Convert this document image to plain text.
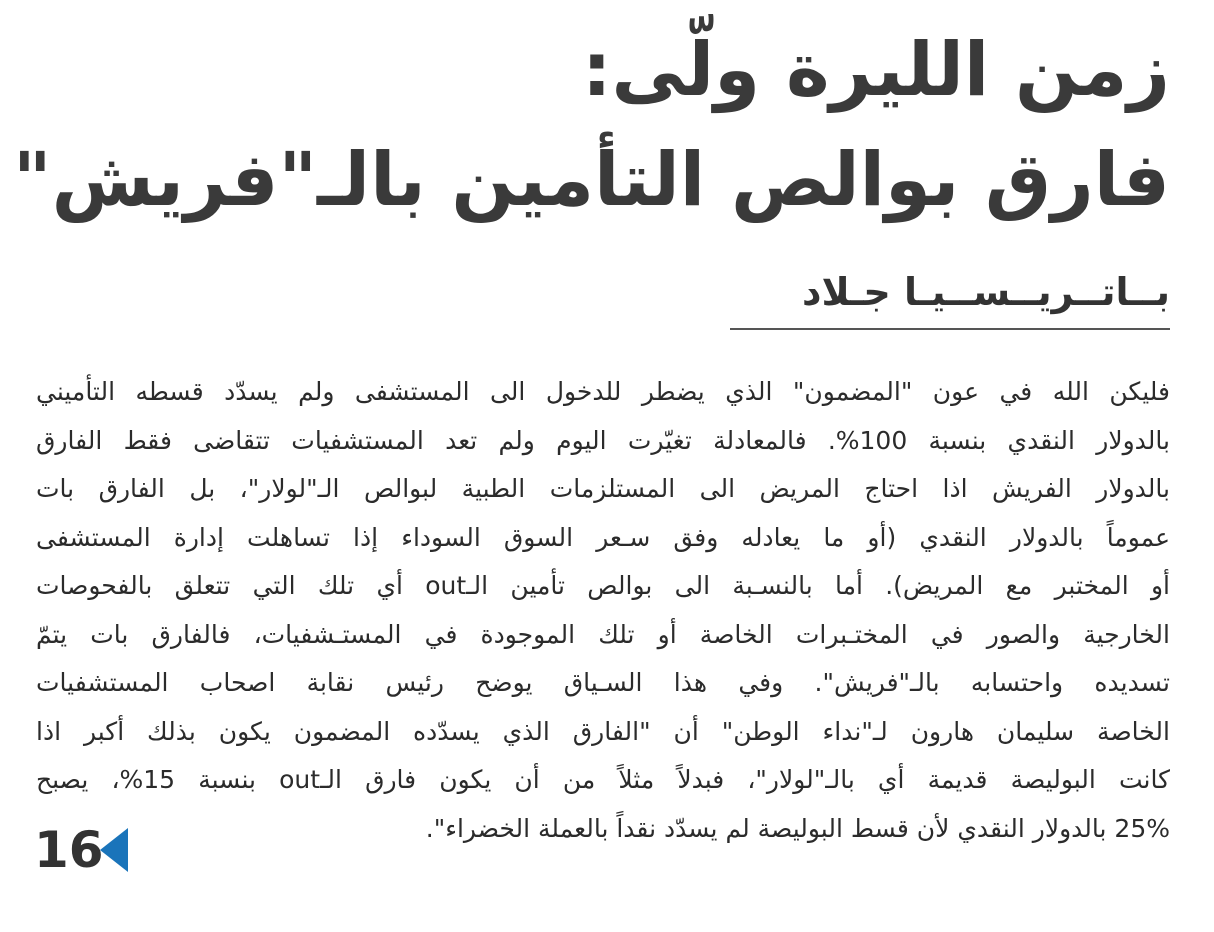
زمن الليرة ولّى:
فارق بوالص التأمين بالـ"فريش"
بــاتــريــســيـا جـلاد
فليكن الله في عون "المضمون" الذي يضطر للدخول الى المستشفى ولم يسدّد قسطه التأميني
بالدولار النقدي بنسبة 100%. فالمعادلة تغيّرت اليوم ولم تعد المستشفيات تتقاضى فقط الفارق
بالدولار الفريش اذا احتاج المريض الى المستلزمات الطبية لبوالص الـ"لولار"، بل الفارق بات
عموماً بالدولار النقدي (أو ما يعادله وفق سـعر السوق السوداء إذا تساهلت إدارة المستشفى
أو المختبر مع المريض). أما بالنسـبة الى بوالص تأمين الـout أي تلك التي تتعلق بالفحوصات
الخارجية والصور في المختـبرات الخاصة أو تلك الموجودة في المستـشفيات، فالفارق بات يتمّ
تسديده واحتسابه بالـ"فريش". وفي هذا السـياق يوضح رئيس نقابة اصحاب المستشفيات
الخاصة سليمان هارون لـ"نداء الوطن" أن "الفارق الذي يسدّده المضمون يكون بذلك أكبر اذا
كانت البوليصة قديمة أي بالـ"لولار"، فبدلاً مثلاً من أن يكون فارق الـout بنسبة 15%، يصبح
25% بالدولار النقدي لأن قسط البوليصة لم يسدّد نقداً بالعملة الخضراء".
16
